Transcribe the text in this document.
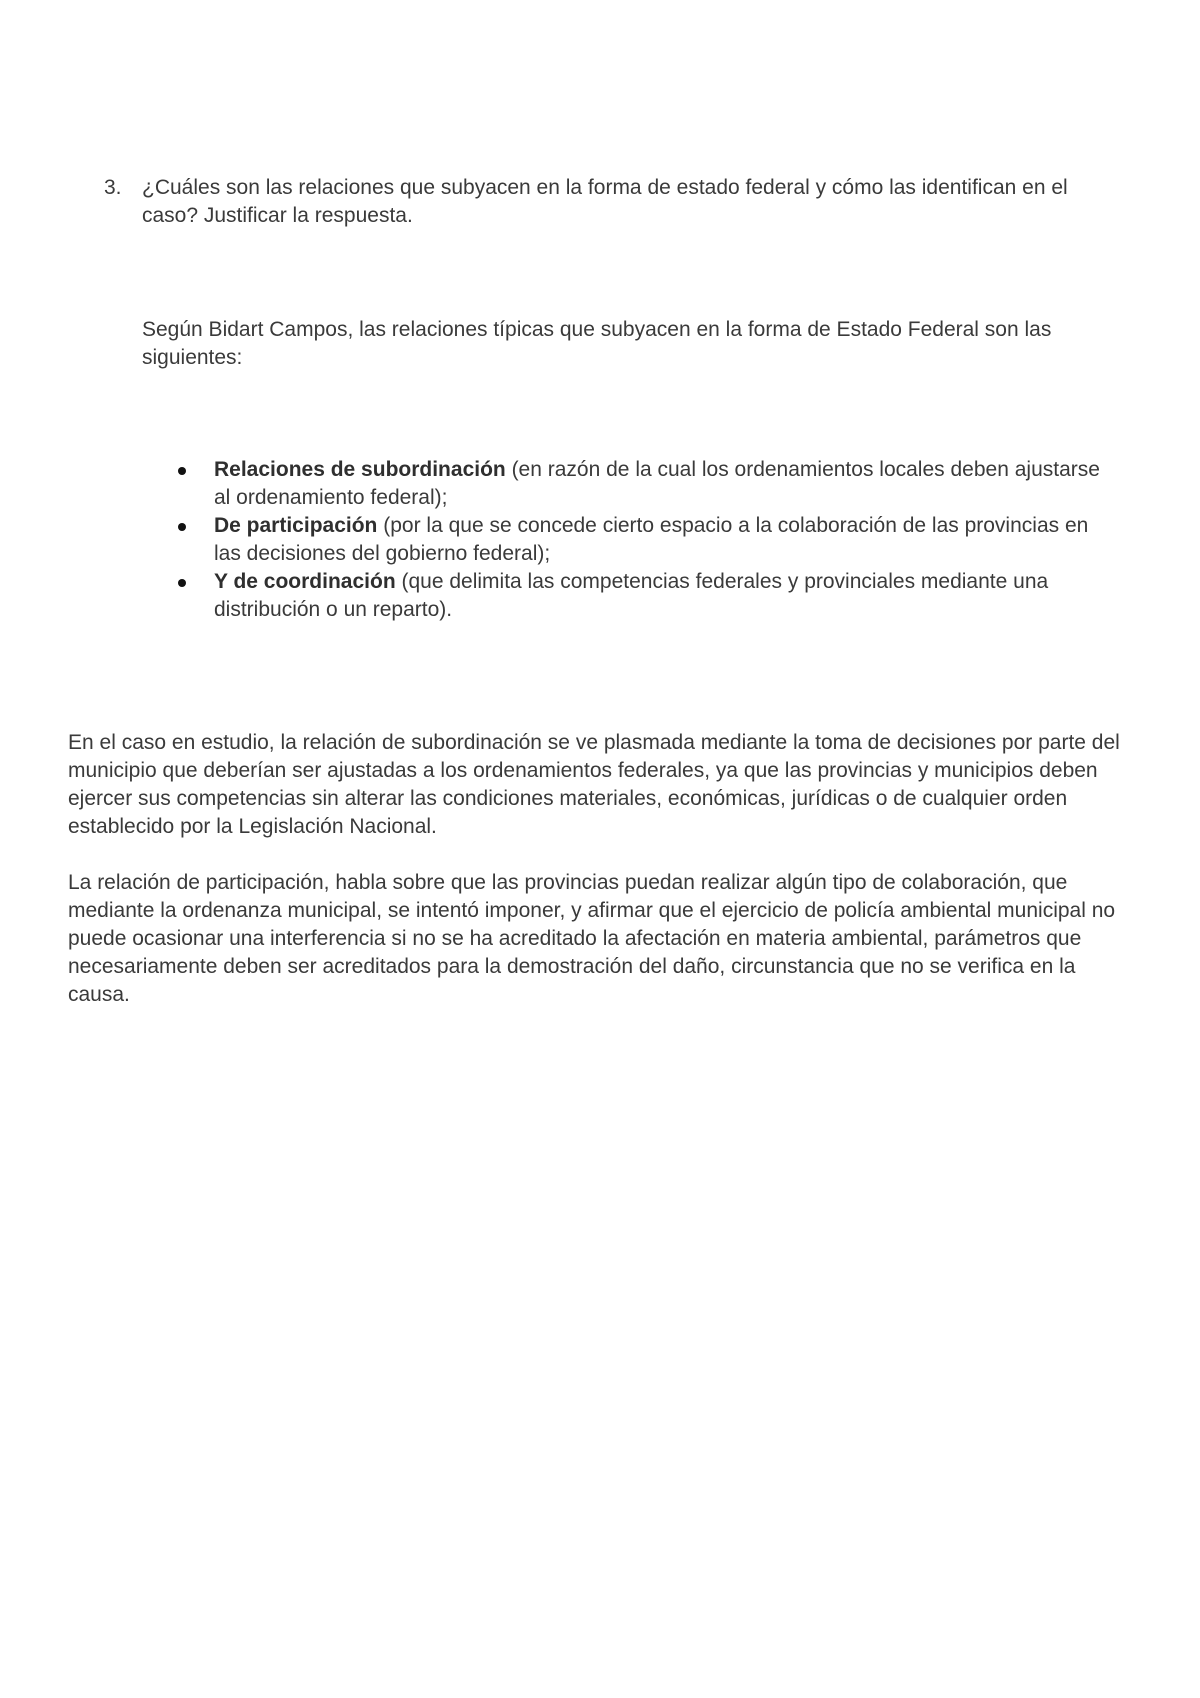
3. ¿Cuáles son las relaciones que subyacen en la forma de estado federal y cómo las identifican en el caso? Justificar la respuesta.
Según Bidart Campos, las relaciones típicas que subyacen en la forma de Estado Federal son las siguientes:
Relaciones de subordinación (en razón de la cual los ordenamientos locales deben ajustarse al ordenamiento federal);
De participación (por la que se concede cierto espacio a la colaboración de las provincias en las decisiones del gobierno federal);
Y de coordinación (que delimita las competencias federales y provinciales mediante una distribución o un reparto).

En el caso en estudio, la relación de subordinación se ve plasmada mediante la toma de decisiones por parte del municipio que deberían ser ajustadas a los ordenamientos federales, ya que las provincias y municipios deben ejercer sus competencias sin alterar las condiciones materiales, económicas, jurídicas o de cualquier orden establecido por la Legislación Nacional.

La relación de participación, habla sobre que las provincias puedan realizar algún tipo de colaboración, que mediante la ordenanza municipal, se intentó imponer, y afirmar que el ejercicio de policía ambiental municipal no puede ocasionar una interferencia si no se ha acreditado la afectación en materia ambiental, parámetros que necesariamente deben ser acreditados para la demostración del daño, circunstancia que no se verifica en la causa.
